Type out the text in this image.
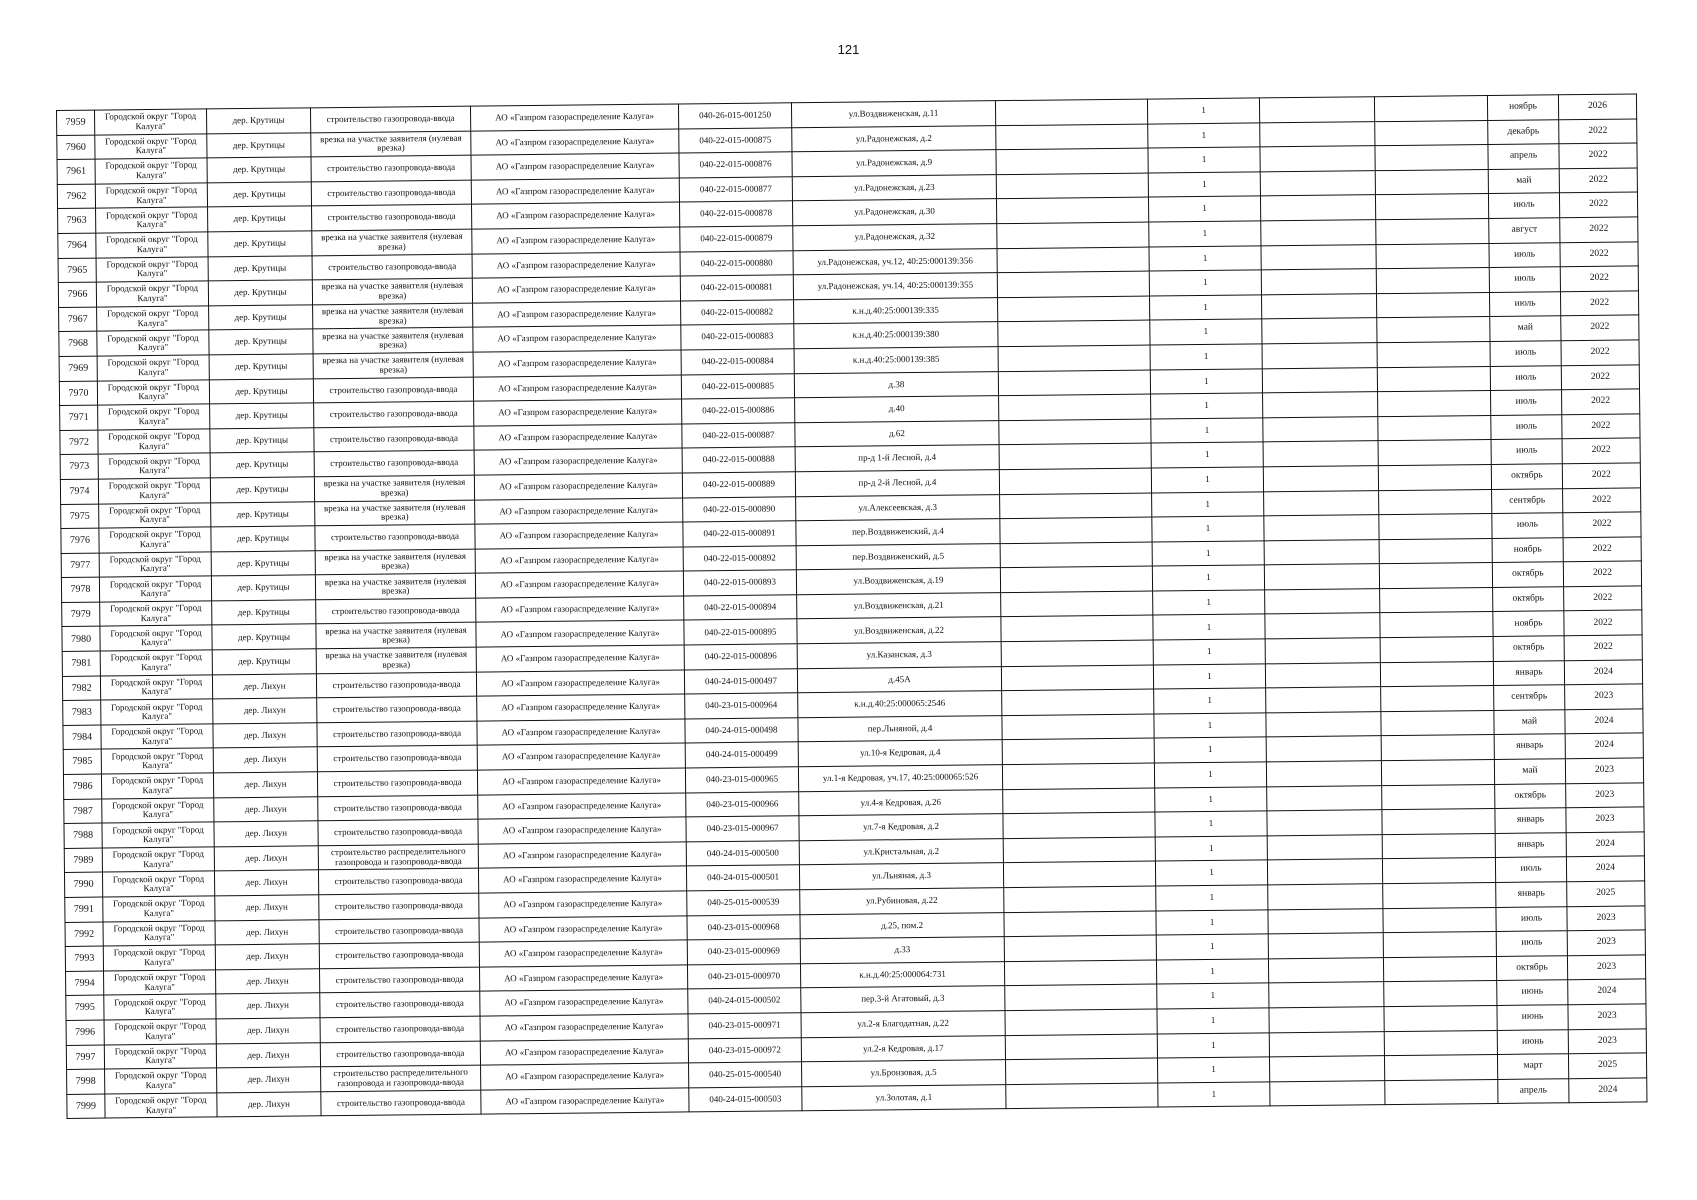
121
7959	Городской округ "Город Калуга"	дер. Крутицы	строительство газопровода-ввода	АО «Газпром газораспределение Калуга»	040-26-015-001250	ул.Воздвиженская, д.11		1			ноябрь	2026
7960	Городской округ "Город Калуга"	дер. Крутицы	врезка на участке заявителя (нулевая врезка)	АО «Газпром газораспределение Калуга»	040-22-015-000875	ул.Радонежская, д.2		1			декабрь	2022
7961	Городской округ "Город Калуга"	дер. Крутицы	строительство газопровода-ввода	АО «Газпром газораспределение Калуга»	040-22-015-000876	ул.Радонежская, д.9		1			апрель	2022
7962	Городской округ "Город Калуга"	дер. Крутицы	строительство газопровода-ввода	АО «Газпром газораспределение Калуга»	040-22-015-000877	ул.Радонежская, д.23		1			май	2022
7963	Городской округ "Город Калуга"	дер. Крутицы	строительство газопровода-ввода	АО «Газпром газораспределение Калуга»	040-22-015-000878	ул.Радонежская, д.30		1			июль	2022
7964	Городской округ "Город Калуга"	дер. Крутицы	врезка на участке заявителя (нулевая врезка)	АО «Газпром газораспределение Калуга»	040-22-015-000879	ул.Радонежская, д.32		1			август	2022
7965	Городской округ "Город Калуга"	дер. Крутицы	строительство газопровода-ввода	АО «Газпром газораспределение Калуга»	040-22-015-000880	ул.Радонежская, уч.12, 40:25:000139:356		1			июль	2022
7966	Городской округ "Город Калуга"	дер. Крутицы	врезка на участке заявителя (нулевая врезка)	АО «Газпром газораспределение Калуга»	040-22-015-000881	ул.Радонежская, уч.14, 40:25:000139:355		1			июль	2022
7967	Городской округ "Город Калуга"	дер. Крутицы	врезка на участке заявителя (нулевая врезка)	АО «Газпром газораспределение Калуга»	040-22-015-000882	к.н.д.40:25:000139:335		1			июль	2022
7968	Городской округ "Город Калуга"	дер. Крутицы	врезка на участке заявителя (нулевая врезка)	АО «Газпром газораспределение Калуга»	040-22-015-000883	к.н.д.40:25:000139:380		1			май	2022
7969	Городской округ "Город Калуга"	дер. Крутицы	врезка на участке заявителя (нулевая врезка)	АО «Газпром газораспределение Калуга»	040-22-015-000884	к.н.д.40:25:000139:385		1			июль	2022
7970	Городской округ "Город Калуга"	дер. Крутицы	строительство газопровода-ввода	АО «Газпром газораспределение Калуга»	040-22-015-000885	д.38		1			июль	2022
7971	Городской округ "Город Калуга"	дер. Крутицы	строительство газопровода-ввода	АО «Газпром газораспределение Калуга»	040-22-015-000886	д.40		1			июль	2022
7972	Городской округ "Город Калуга"	дер. Крутицы	строительство газопровода-ввода	АО «Газпром газораспределение Калуга»	040-22-015-000887	д.62		1			июль	2022
7973	Городской округ "Город Калуга"	дер. Крутицы	строительство газопровода-ввода	АО «Газпром газораспределение Калуга»	040-22-015-000888	пр-д 1-й Лесной, д.4		1			июль	2022
7974	Городской округ "Город Калуга"	дер. Крутицы	врезка на участке заявителя (нулевая врезка)	АО «Газпром газораспределение Калуга»	040-22-015-000889	пр-д 2-й Лесной, д.4		1			октябрь	2022
7975	Городской округ "Город Калуга"	дер. Крутицы	врезка на участке заявителя (нулевая врезка)	АО «Газпром газораспределение Калуга»	040-22-015-000890	ул.Алексеевская, д.3		1			сентябрь	2022
7976	Городской округ "Город Калуга"	дер. Крутицы	строительство газопровода-ввода	АО «Газпром газораспределение Калуга»	040-22-015-000891	пер.Воздвиженский, д.4		1			июль	2022
7977	Городской округ "Город Калуга"	дер. Крутицы	врезка на участке заявителя (нулевая врезка)	АО «Газпром газораспределение Калуга»	040-22-015-000892	пер.Воздвиженский, д.5		1			ноябрь	2022
7978	Городской округ "Город Калуга"	дер. Крутицы	врезка на участке заявителя (нулевая врезка)	АО «Газпром газораспределение Калуга»	040-22-015-000893	ул.Воздвиженская, д.19		1			октябрь	2022
7979	Городской округ "Город Калуга"	дер. Крутицы	строительство газопровода-ввода	АО «Газпром газораспределение Калуга»	040-22-015-000894	ул.Воздвиженская, д.21		1			октябрь	2022
7980	Городской округ "Город Калуга"	дер. Крутицы	врезка на участке заявителя (нулевая врезка)	АО «Газпром газораспределение Калуга»	040-22-015-000895	ул.Воздвиженская, д.22		1			ноябрь	2022
7981	Городской округ "Город Калуга"	дер. Крутицы	врезка на участке заявителя (нулевая врезка)	АО «Газпром газораспределение Калуга»	040-22-015-000896	ул.Казанская, д.3		1			октябрь	2022
7982	Городской округ "Город Калуга"	дер. Лихун	строительство газопровода-ввода	АО «Газпром газораспределение Калуга»	040-24-015-000497	д.45А		1			январь	2024
7983	Городской округ "Город Калуга"	дер. Лихун	строительство газопровода-ввода	АО «Газпром газораспределение Калуга»	040-23-015-000964	к.н.д.40:25:000065:2546		1			сентябрь	2023
7984	Городской округ "Город Калуга"	дер. Лихун	строительство газопровода-ввода	АО «Газпром газораспределение Калуга»	040-24-015-000498	пер.Льняной, д.4		1			май	2024
7985	Городской округ "Город Калуга"	дер. Лихун	строительство газопровода-ввода	АО «Газпром газораспределение Калуга»	040-24-015-000499	ул.10-я Кедровая, д.4		1			январь	2024
7986	Городской округ "Город Калуга"	дер. Лихун	строительство газопровода-ввода	АО «Газпром газораспределение Калуга»	040-23-015-000965	ул.1-я Кедровая, уч.17, 40:25:000065:526		1			май	2023
7987	Городской округ "Город Калуга"	дер. Лихун	строительство газопровода-ввода	АО «Газпром газораспределение Калуга»	040-23-015-000966	ул.4-я Кедровая, д.26		1			октябрь	2023
7988	Городской округ "Город Калуга"	дер. Лихун	строительство газопровода-ввода	АО «Газпром газораспределение Калуга»	040-23-015-000967	ул.7-я Кедровая, д.2		1			январь	2023
7989	Городской округ "Город Калуга"	дер. Лихун	строительство распределительного газопровода и газопровода-ввода	АО «Газпром газораспределение Калуга»	040-24-015-000500	ул.Кристальная, д.2		1			январь	2024
7990	Городской округ "Город Калуга"	дер. Лихун	строительство газопровода-ввода	АО «Газпром газораспределение Калуга»	040-24-015-000501	ул.Льняная, д.3		1			июль	2024
7991	Городской округ "Город Калуга"	дер. Лихун	строительство газопровода-ввода	АО «Газпром газораспределение Калуга»	040-25-015-000539	ул.Рубиновая, д.22		1			январь	2025
7992	Городской округ "Город Калуга"	дер. Лихун	строительство газопровода-ввода	АО «Газпром газораспределение Калуга»	040-23-015-000968	д.25, пом.2		1			июль	2023
7993	Городской округ "Город Калуга"	дер. Лихун	строительство газопровода-ввода	АО «Газпром газораспределение Калуга»	040-23-015-000969	д.33		1			июль	2023
7994	Городской округ "Город Калуга"	дер. Лихун	строительство газопровода-ввода	АО «Газпром газораспределение Калуга»	040-23-015-000970	к.н.д.40:25:000064:731		1			октябрь	2023
7995	Городской округ "Город Калуга"	дер. Лихун	строительство газопровода-ввода	АО «Газпром газораспределение Калуга»	040-24-015-000502	пер.3-й Агатовый, д.3		1			июнь	2024
7996	Городской округ "Город Калуга"	дер. Лихун	строительство газопровода-ввода	АО «Газпром газораспределение Калуга»	040-23-015-000971	ул.2-я Благодатная, д.22		1			июнь	2023
7997	Городской округ "Город Калуга"	дер. Лихун	строительство газопровода-ввода	АО «Газпром газораспределение Калуга»	040-23-015-000972	ул.2-я Кедровая, д.17		1			июнь	2023
7998	Городской округ "Город Калуга"	дер. Лихун	строительство распределительного газопровода и газопровода-ввода	АО «Газпром газораспределение Калуга»	040-25-015-000540	ул.Бронзовая, д.5		1			март	2025
7999	Городской округ "Город Калуга"	дер. Лихун	строительство газопровода-ввода	АО «Газпром газораспределение Калуга»	040-24-015-000503	ул.Золотая, д.1		1			апрель	2024
